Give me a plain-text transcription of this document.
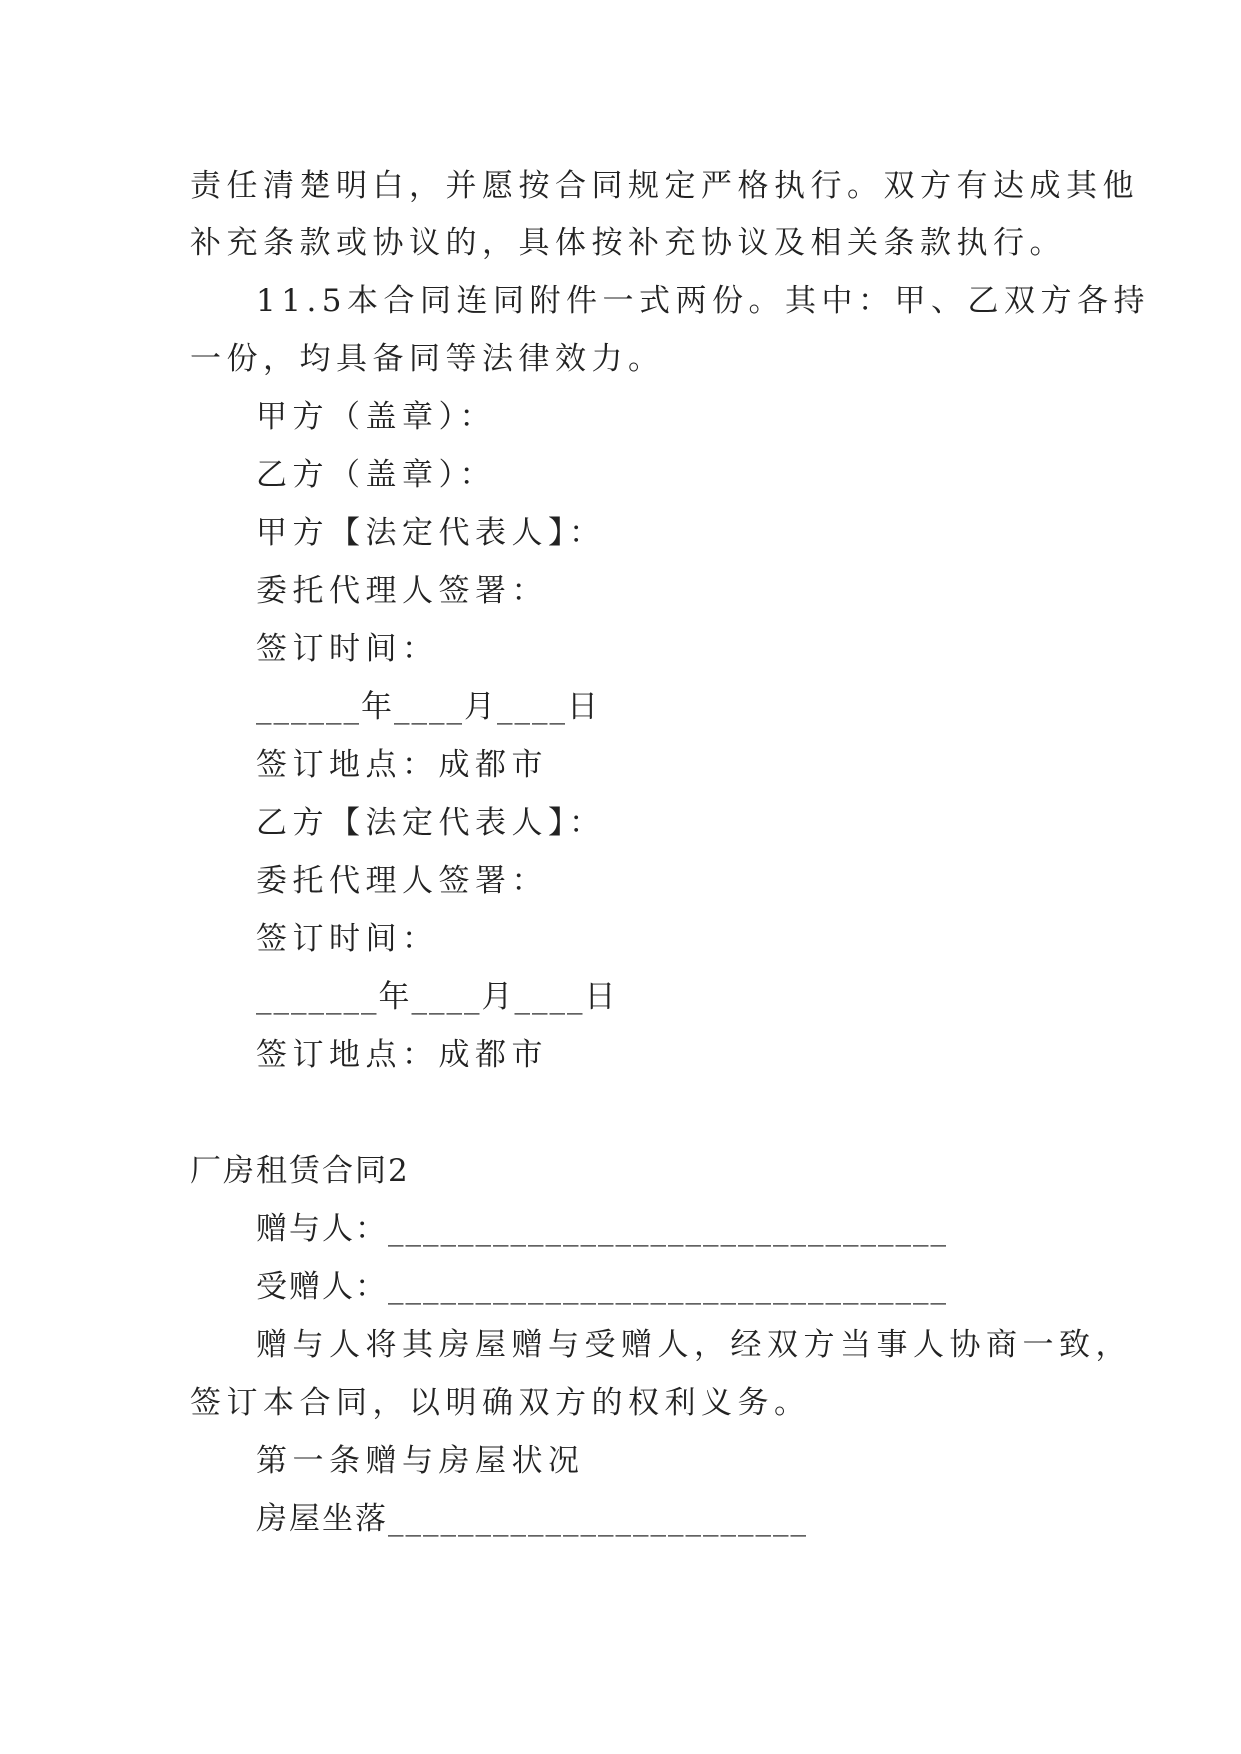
责任清楚明白，并愿按合同规定严格执行。双方有达成其他
补充条款或协议的，具体按补充协议及相关条款执行。
11.5本合同连同附件一式两份。其中：甲、乙双方各持
一份，均具备同等法律效力。
甲方（盖章）：
乙方（盖章）：
甲方【法定代表人】：
委托代理人签署：
签订时间：
______年____月____日
签订地点：成都市
乙方【法定代表人】：
委托代理人签署：
签订时间：
_______年____月____日
签订地点：成都市
厂房租赁合同2
赠与人：________________________________
受赠人：________________________________
赠与人将其房屋赠与受赠人，经双方当事人协商一致，
签订本合同，以明确双方的权利义务。
第一条赠与房屋状况
房屋坐落________________________
